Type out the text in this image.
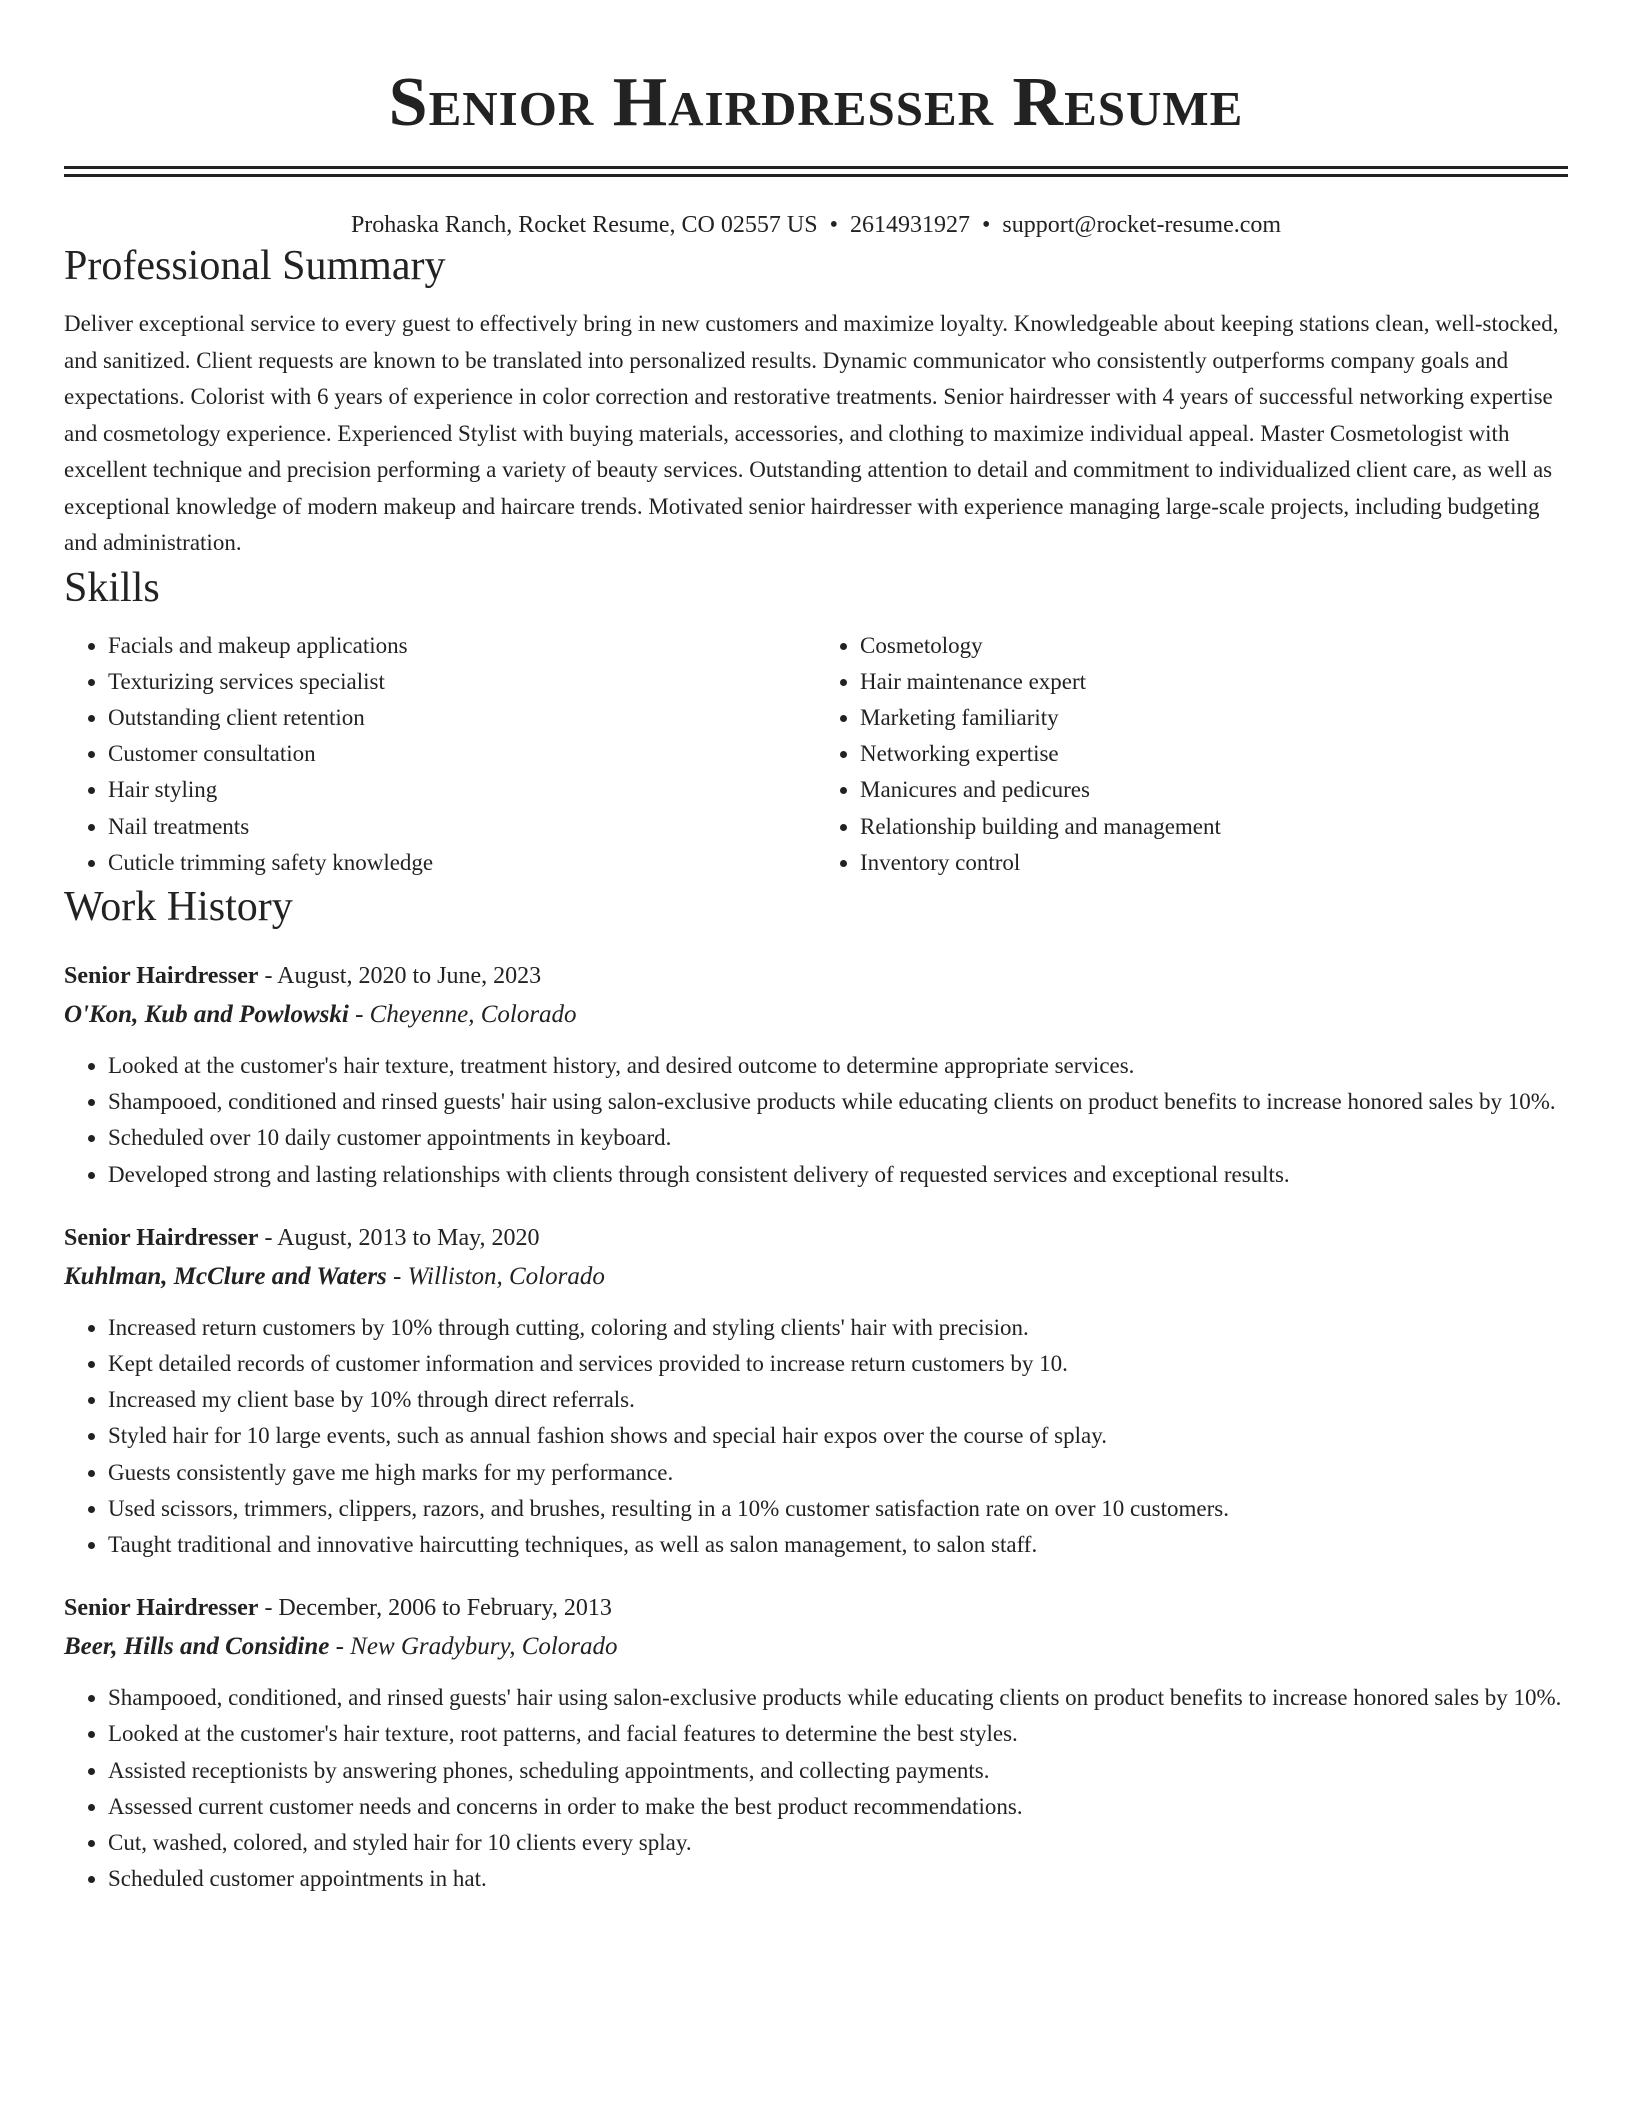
Senior Hairdresser Resume
Prohaska Ranch, Rocket Resume, CO 02557 US • 2614931927 • support@rocket-resume.com
Professional Summary

Deliver exceptional service to every guest to effectively bring in new customers and maximize loyalty. Knowledgeable about keeping stations clean, well-stocked, and sanitized. Client requests are known to be translated into personalized results. Dynamic communicator who consistently outperforms company goals and expectations. Colorist with 6 years of experience in color correction and restorative treatments. Senior hairdresser with 4 years of successful networking expertise and cosmetology experience. Experienced Stylist with buying materials, accessories, and clothing to maximize individual appeal. Master Cosmetologist with excellent technique and precision performing a variety of beauty services. Outstanding attention to detail and commitment to individualized client care, as well as exceptional knowledge of modern makeup and haircare trends. Motivated senior hairdresser with experience managing large-scale projects, including budgeting and administration.

Skills
• Facials and makeup applications
• Texturizing services specialist
• Outstanding client retention
• Customer consultation
• Hair styling
• Nail treatments
• Cuticle trimming safety knowledge
• Cosmetology
• Hair maintenance expert
• Marketing familiarity
• Networking expertise
• Manicures and pedicures
• Relationship building and management
• Inventory control
Work History
Senior Hairdresser - August, 2020 to June, 2023
O'Kon, Kub and Powlowski - Cheyenne, Colorado
• Looked at the customer's hair texture, treatment history, and desired outcome to determine appropriate services.
• Shampooed, conditioned and rinsed guests' hair using salon-exclusive products while educating clients on product benefits to increase honored sales by 10%.
• Scheduled over 10 daily customer appointments in keyboard.
• Developed strong and lasting relationships with clients through consistent delivery of requested services and exceptional results.
Senior Hairdresser - August, 2013 to May, 2020
Kuhlman, McClure and Waters - Williston, Colorado
• Increased return customers by 10% through cutting, coloring and styling clients' hair with precision.
• Kept detailed records of customer information and services provided to increase return customers by 10.
• Increased my client base by 10% through direct referrals.
• Styled hair for 10 large events, such as annual fashion shows and special hair expos over the course of splay.
• Guests consistently gave me high marks for my performance.
• Used scissors, trimmers, clippers, razors, and brushes, resulting in a 10% customer satisfaction rate on over 10 customers.
• Taught traditional and innovative haircutting techniques, as well as salon management, to salon staff.
Senior Hairdresser - December, 2006 to February, 2013
Beer, Hills and Considine - New Gradybury, Colorado
• Shampooed, conditioned, and rinsed guests' hair using salon-exclusive products while educating clients on product benefits to increase honored sales by 10%.
• Looked at the customer's hair texture, root patterns, and facial features to determine the best styles.
• Assisted receptionists by answering phones, scheduling appointments, and collecting payments.
• Assessed current customer needs and concerns in order to make the best product recommendations.
• Cut, washed, colored, and styled hair for 10 clients every splay.
• Scheduled customer appointments in hat.
